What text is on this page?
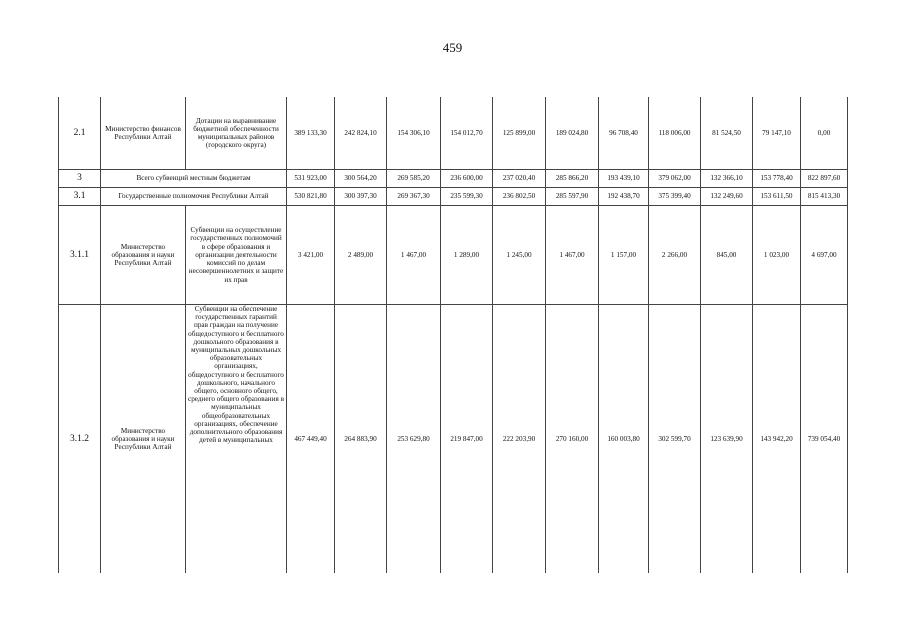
459
2.1	Министерство финансов Республики Алтай	Дотации на выравнивание бюджетной обеспеченности муниципальных районов (городского округа)	389 133,30	242 824,10	154 306,10	154 012,70	125 899,00	189 024,80	96 708,40	118 006,00	81 524,50	79 147,10	0,00
3	Всего субвенций местным бюджетам		531 923,00	300 564,20	269 585,20	236 600,00	237 020,40	285 866,20	193 439,10	379 062,00	132 366,10	153 778,40	822 897,60
3.1	Государственные полномочия Республики Алтай		530 821,80	300 397,30	269 367,30	235 599,30	236 802,50	285 597,90	192 438,70	375 399,40	132 249,60	153 611,50	815 413,30
3.1.1	Министерство образования и науки Республики Алтай	Субвенции на осуществление государственных полномочий в сфере образования и организации деятельности комиссий по делам несовершеннолетних и защите их прав	3 421,00	2 489,00	1 467,00	1 289,00	1 245,00	1 467,00	1 157,00	2 266,00	845,00	1 023,00	4 697,00
3.1.2	Министерство образования и науки Республики Алтай	Субвенции на обеспечение государственных гарантий прав граждан на получение общедоступного и бесплатного дошкольного образования в муниципальных дошкольных образовательных организациях, общедоступного и бесплатного дошкольного, начального общего, основного общего, среднего общего образования в муниципальных общеобразовательных организациях, обеспечение дополнительного образования детей в муниципальных	467 449,40	264 883,90	253 629,80	219 847,00	222 203,90	270 160,00	160 003,80	302 599,70	123 639,90	143 942,20	739 054,40
